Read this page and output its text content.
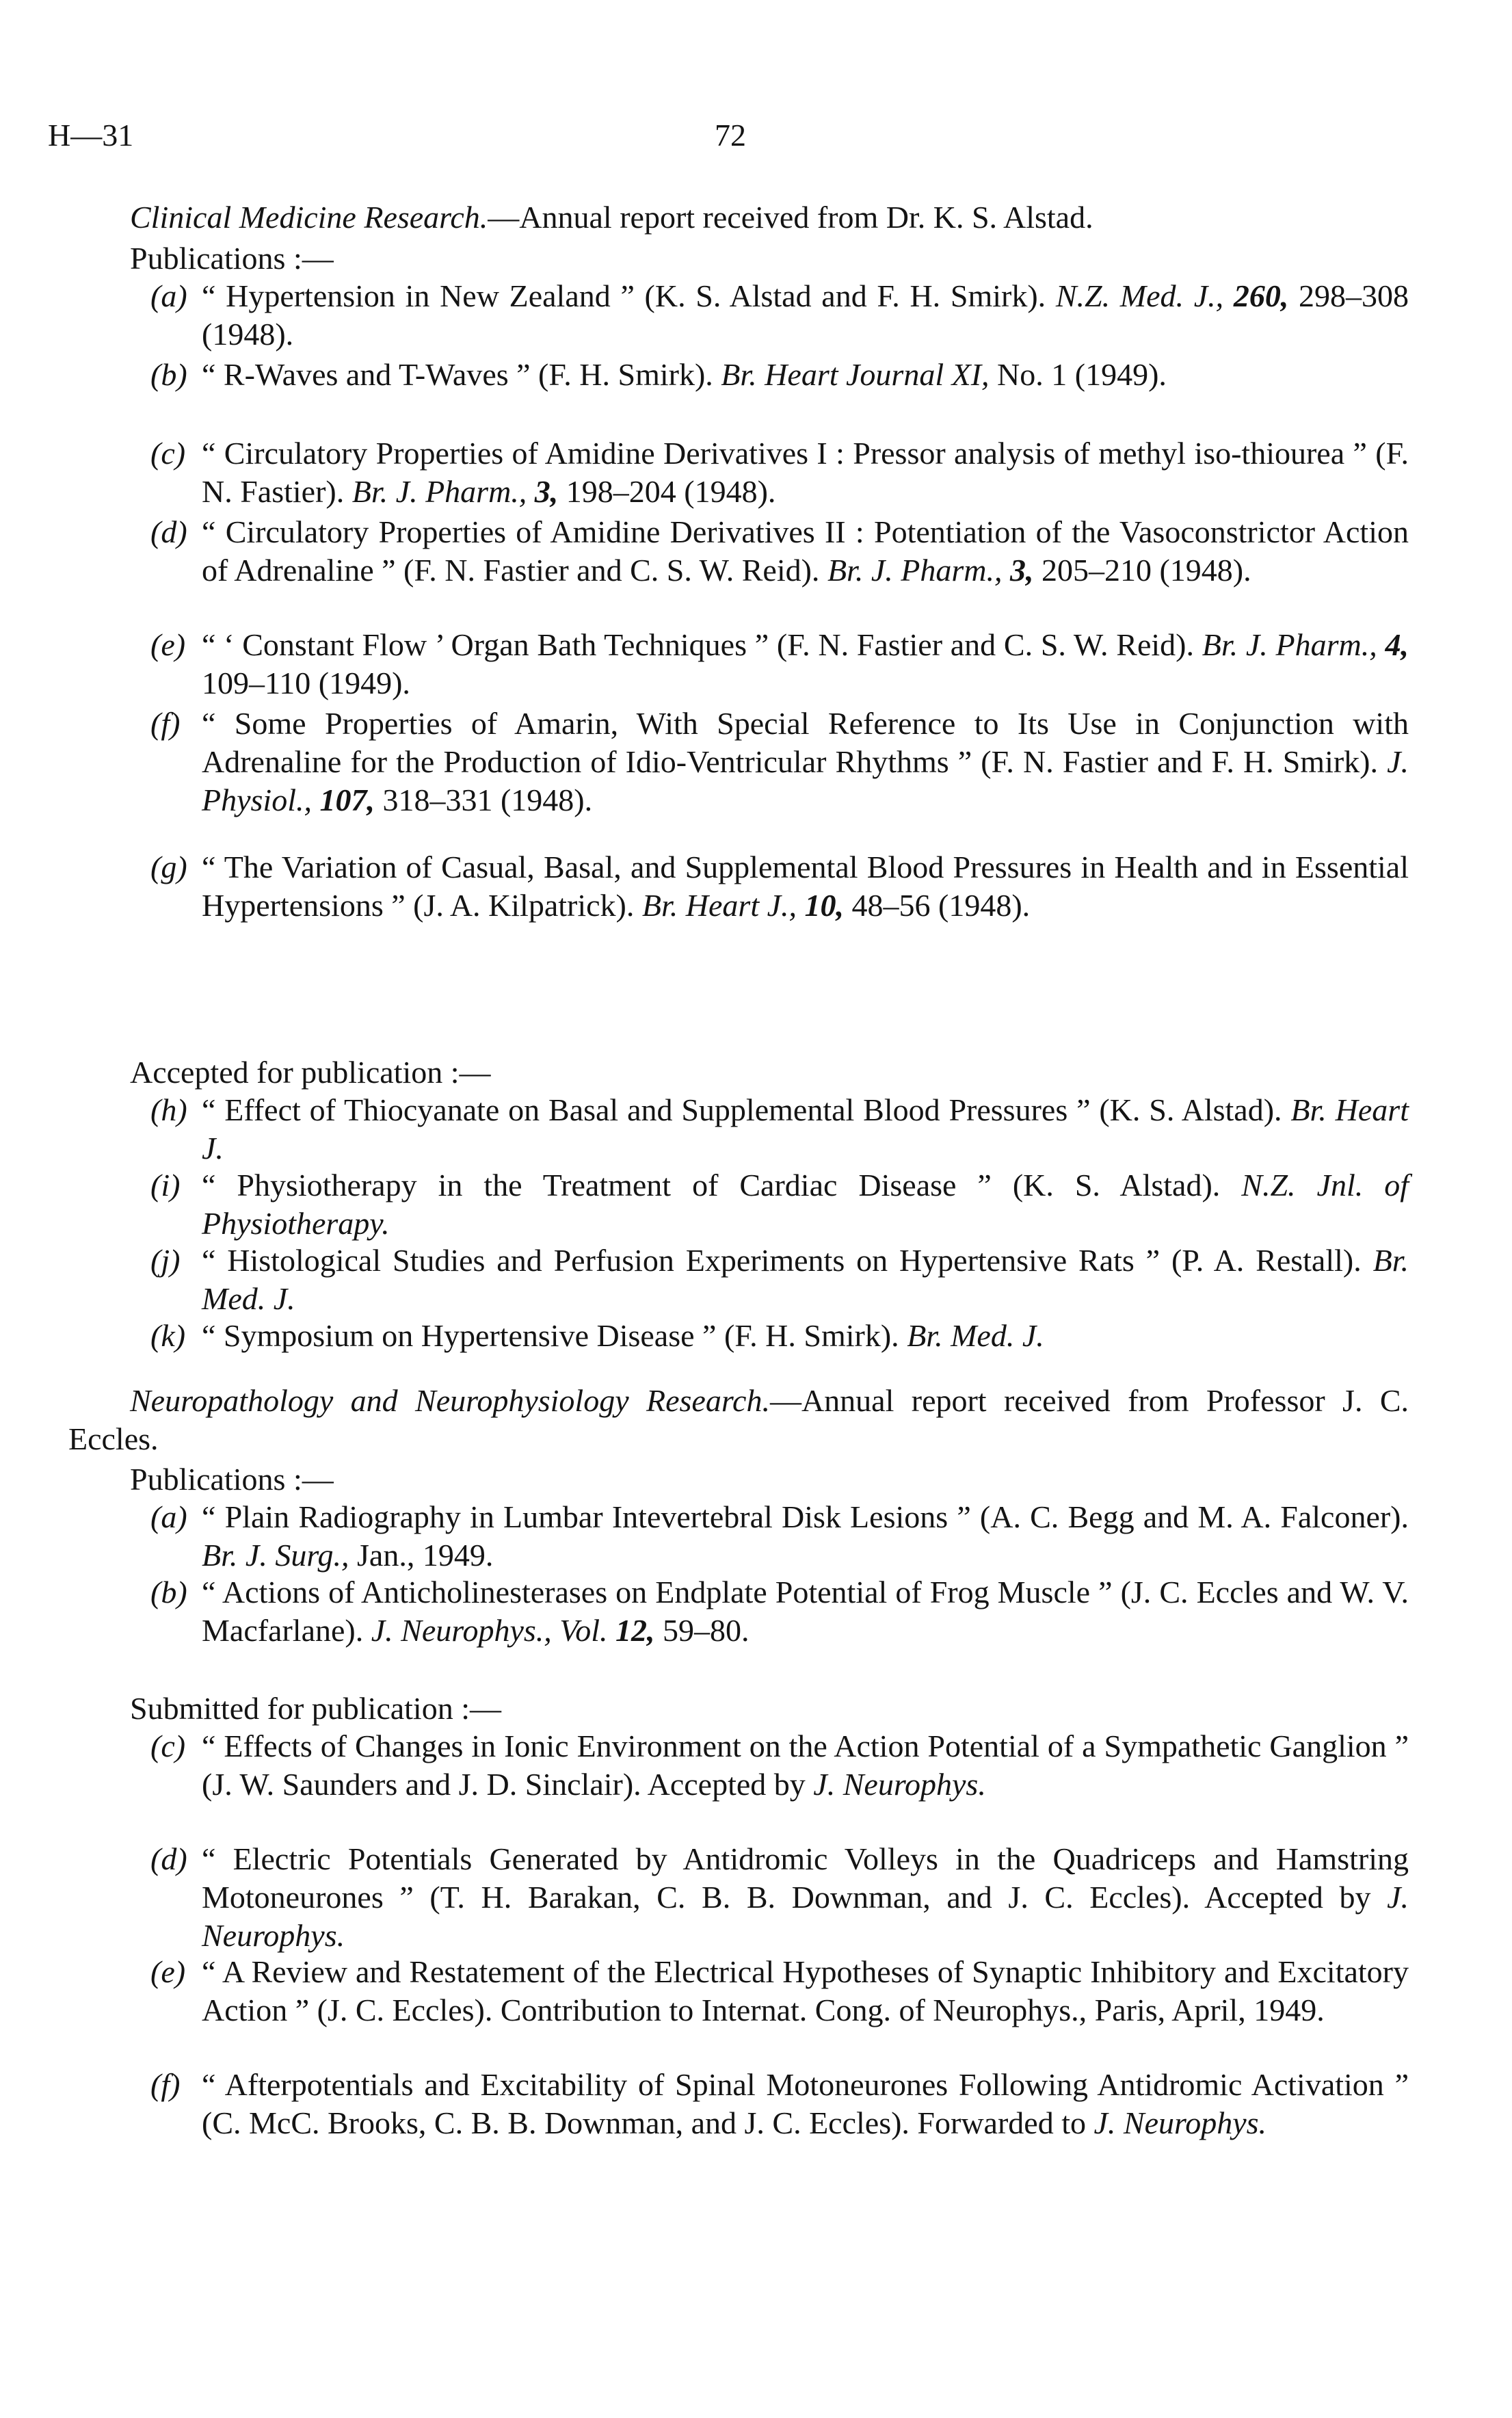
H—31	72
Clinical Medicine Research.—Annual report received from Dr. K. S. Alstad.
Publications :—
(a) “ Hypertension in New Zealand ” (K. S. Alstad and F. H. Smirk). N.Z. Med. J., 260, 298–308 (1948).
(b) “ R-Waves and T-Waves ” (F. H. Smirk). Br. Heart Journal XI, No. 1 (1949).
(c) “ Circulatory Properties of Amidine Derivatives I : Pressor analysis of methyl iso-thiourea ” (F. N. Fastier). Br. J. Pharm., 3, 198–204 (1948).
(d) “ Circulatory Properties of Amidine Derivatives II : Potentiation of the Vasoconstrictor Action of Adrenaline ” (F. N. Fastier and C. S. W. Reid). Br. J. Pharm., 3, 205–210 (1948).
(e) “ ‘ Constant Flow ’ Organ Bath Techniques ” (F. N. Fastier and C. S. W. Reid). Br. J. Pharm., 4, 109–110 (1949).
(f) “ Some Properties of Amarin, With Special Reference to Its Use in Conjunction with Adrenaline for the Production of Idio-Ventricular Rhythms ” (F. N. Fastier and F. H. Smirk). J. Physiol., 107, 318–331 (1948).
(g) “ The Variation of Casual, Basal, and Supplemental Blood Pressures in Health and in Essential Hypertensions ” (J. A. Kilpatrick). Br. Heart J., 10, 48–56 (1948).
Accepted for publication :—
(h) “ Effect of Thiocyanate on Basal and Supplemental Blood Pressures ” (K. S. Alstad). Br. Heart J.
(i) “ Physiotherapy in the Treatment of Cardiac Disease ” (K. S. Alstad). N.Z. Jnl. of Physiotherapy.
(j) “ Histological Studies and Perfusion Experiments on Hypertensive Rats ” (P. A. Restall). Br. Med. J.
(k) “ Symposium on Hypertensive Disease ” (F. H. Smirk). Br. Med. J.
Neuropathology and Neurophysiology Research.—Annual report received from Professor J. C. Eccles.
Publications :—
(a) “ Plain Radiography in Lumbar Intevertebral Disk Lesions ” (A. C. Begg and M. A. Falconer). Br. J. Surg., Jan., 1949.
(b) “ Actions of Anticholinesterases on Endplate Potential of Frog Muscle ” (J. C. Eccles and W. V. Macfarlane). J. Neurophys., Vol. 12, 59–80.
Submitted for publication :—
(c) “ Effects of Changes in Ionic Environment on the Action Potential of a Sympathetic Ganglion ” (J. W. Saunders and J. D. Sinclair). Accepted by J. Neurophys.
(d) “ Electric Potentials Generated by Antidromic Volleys in the Quadriceps and Hamstring Motoneurones ” (T. H. Barakan, C. B. B. Downman, and J. C. Eccles). Accepted by J. Neurophys.
(e) “ A Review and Restatement of the Electrical Hypotheses of Synaptic Inhibitory and Excitatory Action ” (J. C. Eccles). Contribution to Internat. Cong. of Neurophys., Paris, April, 1949.
(f) “ Afterpotentials and Excitability of Spinal Motoneurones Following Antidromic Activation ” (C. McC. Brooks, C. B. B. Downman, and J. C. Eccles). Forwarded to J. Neurophys.
